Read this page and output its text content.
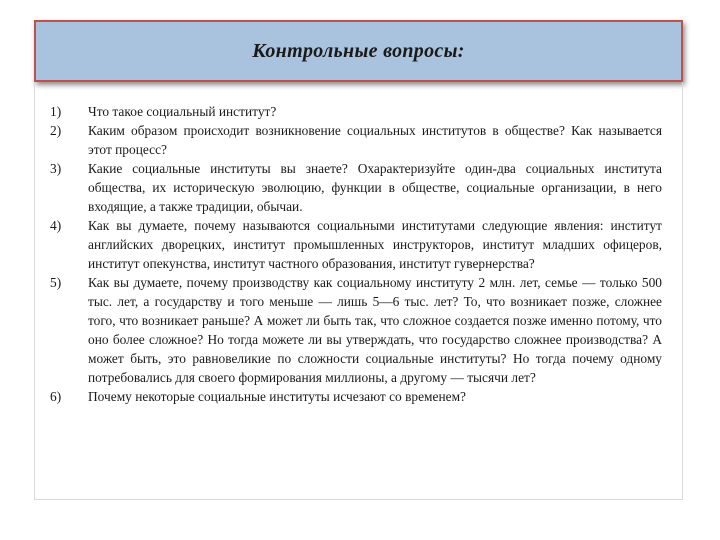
Контрольные вопросы:
1) Что такое социальный институт?
2) Каким образом происходит возникновение социальных институтов в обществе? Как называется этот процесс?
3) Какие социальные институты вы знаете? Охарактеризуйте один-два социальных института общества, их историческую эволюцию, функции в обществе, социальные организации, в него входящие, а также традиции, обычаи.
4) Как вы думаете, почему называются социальными институтами следующие явления: институт английских дворецких, институт промышленных инструкторов, институт младших офицеров, институт опекунства, институт частного образования, институт гувернерства?
5) Как вы думаете, почему производству как социальному институту 2 млн. лет, семье — только 500 тыс. лет, а государству и того меньше — лишь 5—6 тыс. лет? То, что возникает позже, сложнее того, что возникает раньше? А может ли быть так, что сложное создается позже именно потому, что оно более сложное? Но тогда можете ли вы утверждать, что государство сложнее производства? А может быть, это равновеликие по сложности социальные институты? Но тогда почему одному потребовались для своего формирования миллионы, а другому — тысячи лет?
6) Почему некоторые социальные институты исчезают со временем?
